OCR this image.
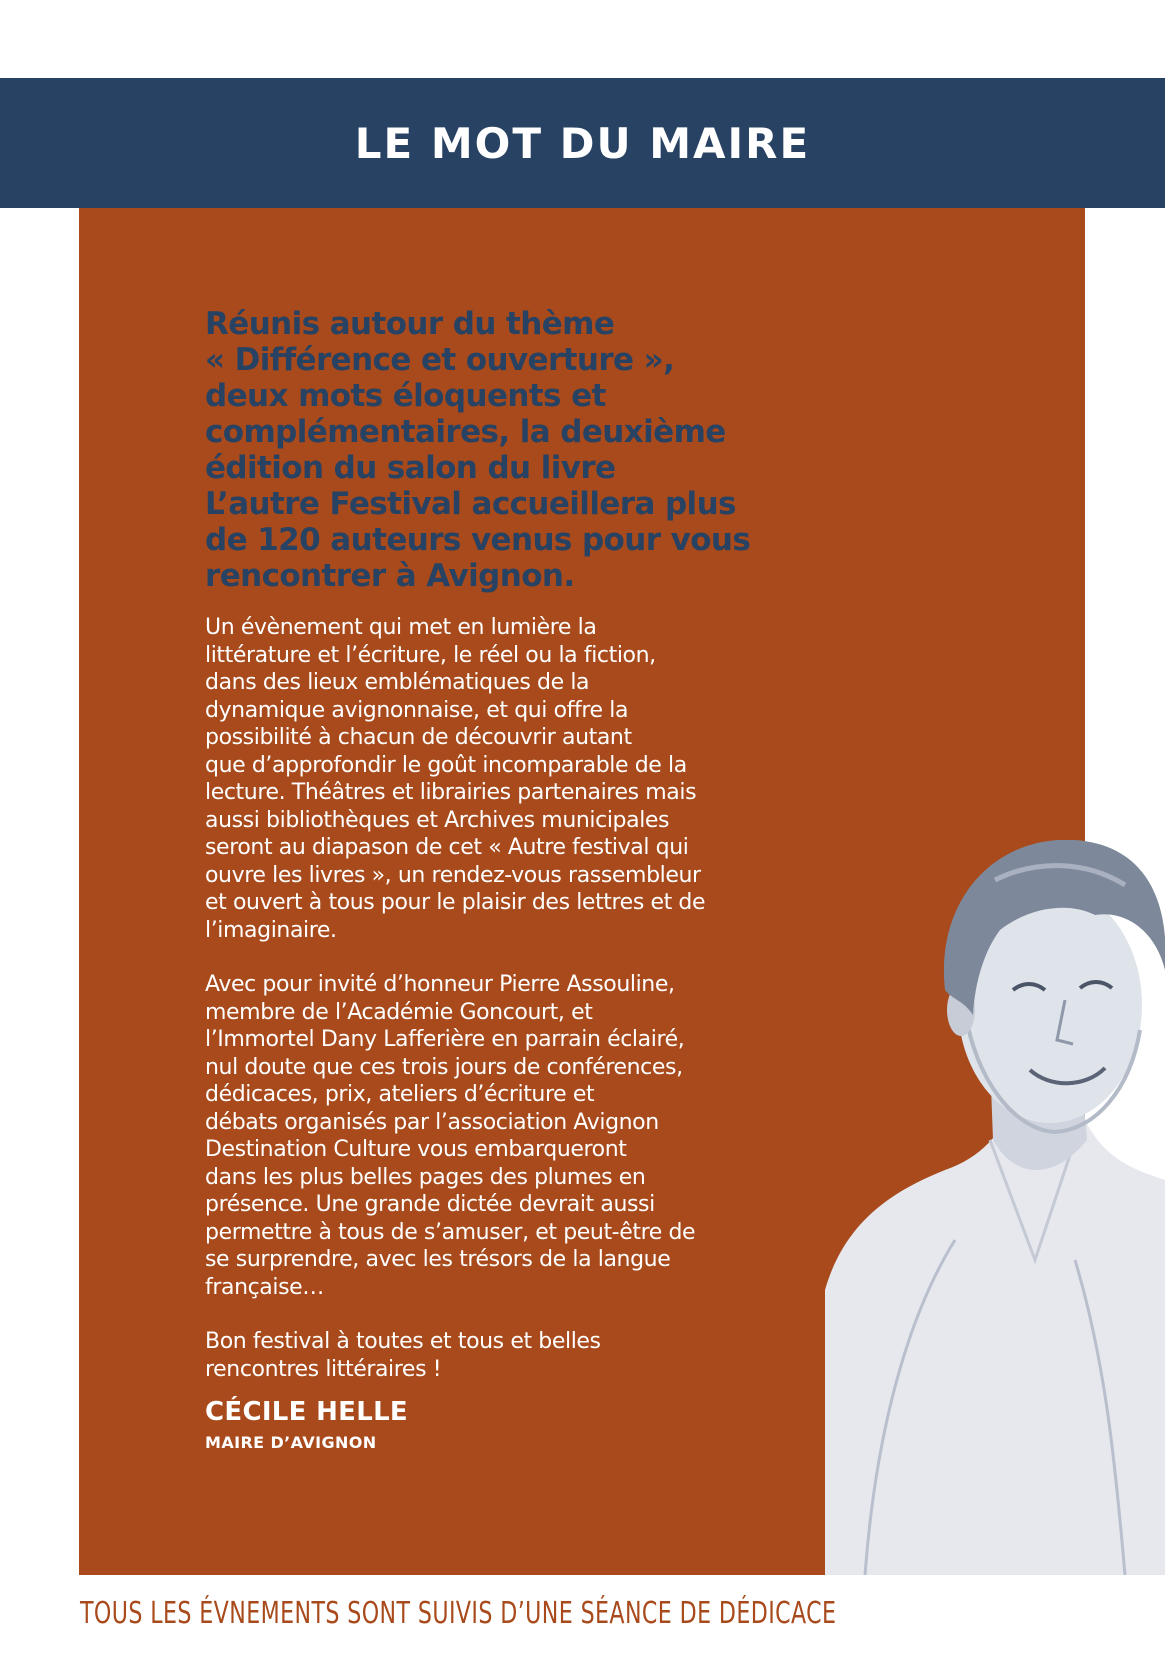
LE MOT DU MAIRE

Réunis autour du thème
« Différence et ouverture »,
deux mots éloquents et
complémentaires, la deuxième
édition du salon du livre
L’autre Festival accueillera plus
de 120 auteurs venus pour vous
rencontrer à Avignon.

Un évènement qui met en lumière la
littérature et l’écriture, le réel ou la fiction,
dans des lieux emblématiques de la
dynamique avignonnaise, et qui offre la
possibilité à chacun de découvrir autant
que d’approfondir le goût incomparable de la
lecture. Théâtres et librairies partenaires mais
aussi bibliothèques et Archives municipales
seront au diapason de cet « Autre festival qui
ouvre les livres », un rendez-vous rassembleur
et ouvert à tous pour le plaisir des lettres et de
l’imaginaire.

Avec pour invité d’honneur Pierre Assouline,
membre de l’Académie Goncourt, et
l’Immortel Dany Lafferière en parrain éclairé,
nul doute que ces trois jours de conférences,
dédicaces, prix, ateliers d’écriture et
débats organisés par l’association Avignon
Destination Culture vous embarqueront
dans les plus belles pages des plumes en
présence. Une grande dictée devrait aussi
permettre à tous de s’amuser, et peut-être de
se surprendre, avec les trésors de la langue
française…

Bon festival à toutes et tous et belles
rencontres littéraires !

CÉCILE HELLE

MAIRE D’AVIGNON

TOUS LES ÉVNEMENTS SONT SUIVIS D’UNE SÉANCE DE DÉDICACE
